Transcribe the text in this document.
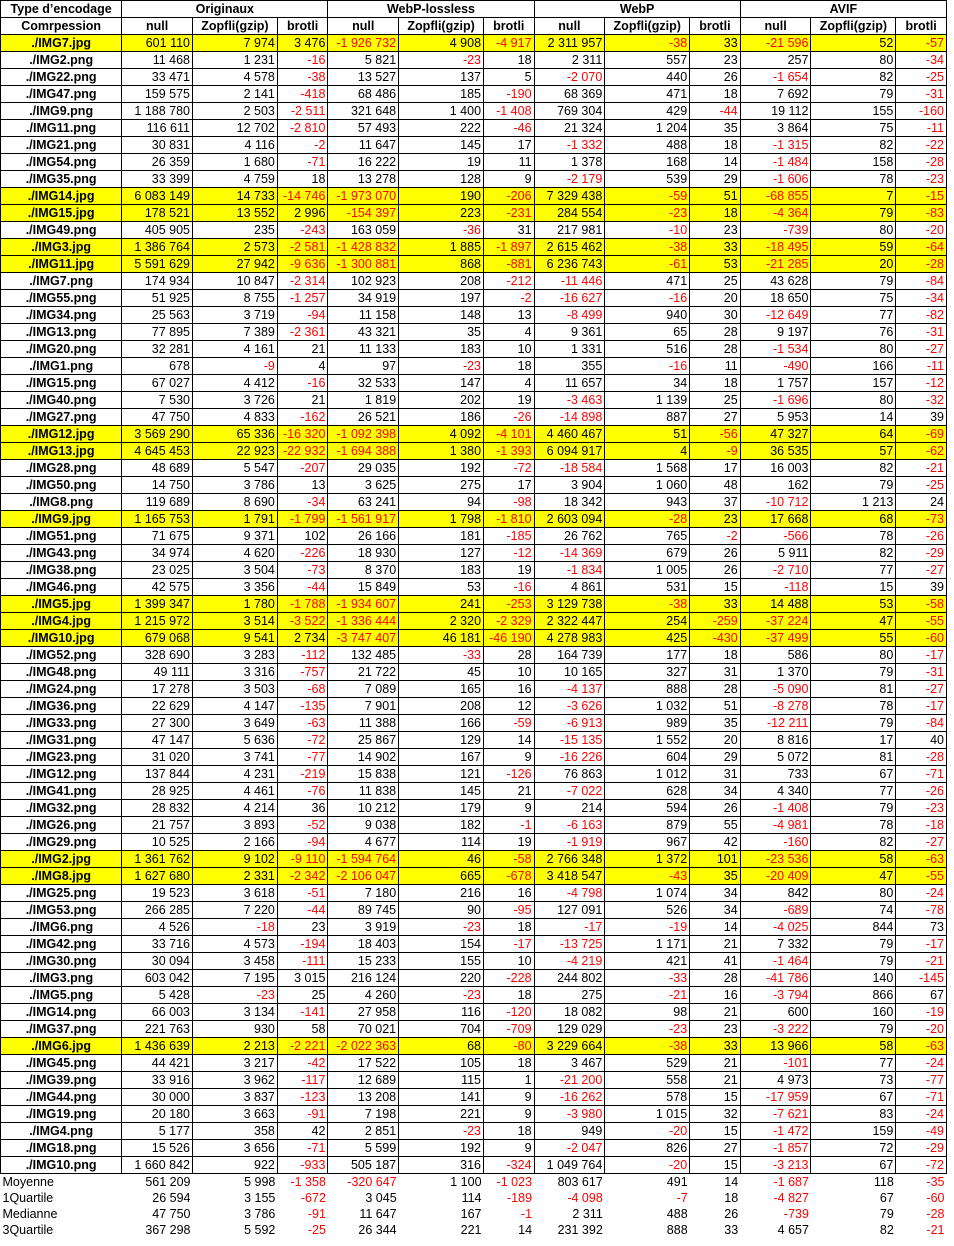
Type d’encodage	Originaux			WebP-lossless			WebP			AVIF		
Comrpession	null	Zopfli(gzip)	brotli	null	Zopfli(gzip)	brotli	null	Zopfli(gzip)	brotli	null	Zopfli(gzip)	brotli
./IMG7.jpg	601 110	7 974	3 476	-1 926 732	4 908	-4 917	2 311 957	-38	33	-21 596	52	-57
./IMG2.png	11 468	1 231	-16	5 821	-23	18	2 311	557	23	257	80	-34
./IMG22.png	33 471	4 578	-38	13 527	137	5	-2 070	440	26	-1 654	82	-25
./IMG47.png	159 575	2 141	-418	68 486	185	-190	68 369	471	18	7 692	79	-31
./IMG9.png	1 188 780	2 503	-2 511	321 648	1 400	-1 408	769 304	429	-44	19 112	155	-160
./IMG11.png	116 611	12 702	-2 810	57 493	222	-46	21 324	1 204	35	3 864	75	-11
./IMG21.png	30 831	4 116	-2	11 647	145	17	-1 332	488	18	-1 315	82	-22
./IMG54.png	26 359	1 680	-71	16 222	19	11	1 378	168	14	-1 484	158	-28
./IMG35.png	33 399	4 759	18	13 278	128	9	-2 179	539	29	-1 606	78	-23
./IMG14.jpg	6 083 149	14 733	-14 746	-1 973 070	190	-206	7 329 438	-59	51	-68 855	7	-15
./IMG15.jpg	178 521	13 552	2 996	-154 397	223	-231	284 554	-23	18	-4 364	79	-83
./IMG49.png	405 905	235	-243	163 059	-36	31	217 981	-10	23	-739	80	-20
./IMG3.jpg	1 386 764	2 573	-2 581	-1 428 832	1 885	-1 897	2 615 462	-38	33	-18 495	59	-64
./IMG11.jpg	5 591 629	27 942	-9 636	-1 300 881	868	-881	6 236 743	-61	53	-21 285	20	-28
./IMG7.png	174 934	10 847	-2 314	102 923	208	-212	-11 446	471	25	43 628	79	-84
./IMG55.png	51 925	8 755	-1 257	34 919	197	-2	-16 627	-16	20	18 650	75	-34
./IMG34.png	25 563	3 719	-94	11 158	148	13	-8 499	940	30	-12 649	77	-82
./IMG13.png	77 895	7 389	-2 361	43 321	35	4	9 361	65	28	9 197	76	-31
./IMG20.png	32 281	4 161	21	11 133	183	10	1 331	516	28	-1 534	80	-27
./IMG1.png	678	-9	4	97	-23	18	355	-16	11	-490	166	-11
./IMG15.png	67 027	4 412	-16	32 533	147	4	11 657	34	18	1 757	157	-12
./IMG40.png	7 530	3 726	21	1 819	202	19	-3 463	1 139	25	-1 696	80	-32
./IMG27.png	47 750	4 833	-162	26 521	186	-26	-14 898	887	27	5 953	14	39
./IMG12.jpg	3 569 290	65 336	-16 320	-1 092 398	4 092	-4 101	4 460 467	51	-56	47 327	64	-69
./IMG13.jpg	4 645 453	22 923	-22 932	-1 694 388	1 380	-1 393	6 094 917	4	-9	36 535	57	-62
./IMG28.png	48 689	5 547	-207	29 035	192	-72	-18 584	1 568	17	16 003	82	-21
./IMG50.png	14 750	3 786	13	3 625	275	17	3 904	1 060	48	162	79	-25
./IMG8.png	119 689	8 690	-34	63 241	94	-98	18 342	943	37	-10 712	1 213	24
./IMG9.jpg	1 165 753	1 791	-1 799	-1 561 917	1 798	-1 810	2 603 094	-28	23	17 668	68	-73
./IMG51.png	71 675	9 371	102	26 166	181	-185	26 762	765	-2	-566	78	-26
./IMG43.png	34 974	4 620	-226	18 930	127	-12	-14 369	679	26	5 911	82	-29
./IMG38.png	23 025	3 504	-73	8 370	183	19	-1 834	1 005	26	-2 710	77	-27
./IMG46.png	42 575	3 356	-44	15 849	53	-16	4 861	531	15	-118	15	39
./IMG5.jpg	1 399 347	1 780	-1 788	-1 934 607	241	-253	3 129 738	-38	33	14 488	53	-58
./IMG4.jpg	1 215 972	3 514	-3 522	-1 336 444	2 320	-2 329	2 322 447	254	-259	-37 224	47	-55
./IMG10.jpg	679 068	9 541	2 734	-3 747 407	46 181	-46 190	4 278 983	425	-430	-37 499	55	-60
./IMG52.png	328 690	3 283	-112	132 485	-33	28	164 739	177	18	586	80	-17
./IMG48.png	49 111	3 316	-757	21 722	45	10	10 165	327	31	1 370	79	-31
./IMG24.png	17 278	3 503	-68	7 089	165	16	-4 137	888	28	-5 090	81	-27
./IMG36.png	22 629	4 147	-135	7 901	208	12	-3 626	1 032	51	-8 278	78	-17
./IMG33.png	27 300	3 649	-63	11 388	166	-59	-6 913	989	35	-12 211	79	-84
./IMG31.png	47 147	5 636	-72	25 867	129	14	-15 135	1 552	20	8 816	17	40
./IMG23.png	31 020	3 741	-77	14 902	167	9	-16 226	604	29	5 072	81	-28
./IMG12.png	137 844	4 231	-219	15 838	121	-126	76 863	1 012	31	733	67	-71
./IMG41.png	28 925	4 461	-76	11 838	145	21	-7 022	628	34	4 340	77	-26
./IMG32.png	28 832	4 214	36	10 212	179	9	214	594	26	-1 408	79	-23
./IMG26.png	21 757	3 893	-52	9 038	182	-1	-6 163	879	55	-4 981	78	-18
./IMG29.png	10 525	2 166	-94	4 677	114	19	-1 919	967	42	-160	82	-27
./IMG2.jpg	1 361 762	9 102	-9 110	-1 594 764	46	-58	2 766 348	1 372	101	-23 536	58	-63
./IMG8.jpg	1 627 680	2 331	-2 342	-2 106 047	665	-678	3 418 547	-43	35	-20 409	47	-55
./IMG25.png	19 523	3 618	-51	7 180	216	16	-4 798	1 074	34	842	80	-24
./IMG53.png	266 285	7 220	-44	89 745	90	-95	127 091	526	34	-689	74	-78
./IMG6.png	4 526	-18	23	3 919	-23	18	-17	-19	14	-4 025	844	73
./IMG42.png	33 716	4 573	-194	18 403	154	-17	-13 725	1 171	21	7 332	79	-17
./IMG30.png	30 094	3 458	-111	15 233	155	10	-4 219	421	41	-1 464	79	-21
./IMG3.png	603 042	7 195	3 015	216 124	220	-228	244 802	-33	28	-41 786	140	-145
./IMG5.png	5 428	-23	25	4 260	-23	18	275	-21	16	-3 794	866	67
./IMG14.png	66 003	3 134	-141	27 958	116	-120	18 082	98	21	600	160	-19
./IMG37.png	221 763	930	58	70 021	704	-709	129 029	-23	23	-3 222	79	-20
./IMG6.jpg	1 436 639	2 213	-2 221	-2 022 363	68	-80	3 229 664	-38	33	13 966	58	-63
./IMG45.png	44 421	3 217	-42	17 522	105	18	3 467	529	21	-101	77	-24
./IMG39.png	33 916	3 962	-117	12 689	115	1	-21 200	558	21	4 973	73	-77
./IMG44.png	30 000	3 837	-123	13 208	141	9	-16 262	578	15	-17 959	67	-71
./IMG19.png	20 180	3 663	-91	7 198	221	9	-3 980	1 015	32	-7 621	83	-24
./IMG4.png	5 177	358	42	2 851	-23	18	949	-20	15	-1 472	159	-49
./IMG18.png	15 526	3 656	-71	5 599	192	9	-2 047	826	27	-1 857	72	-29
./IMG10.png	1 660 842	922	-933	505 187	316	-324	1 049 764	-20	15	-3 213	67	-72
Moyenne	561 209	5 998	-1 358	-320 647	1 100	-1 023	803 617	491	14	-1 687	118	-35
1Quartile	26 594	3 155	-672	3 045	114	-189	-4 098	-7	18	-4 827	67	-60
Medianne	47 750	3 786	-91	11 647	167	-1	2 311	488	26	-739	79	-28
3Quartile	367 298	5 592	-25	26 344	221	14	231 392	888	33	4 657	82	-21
